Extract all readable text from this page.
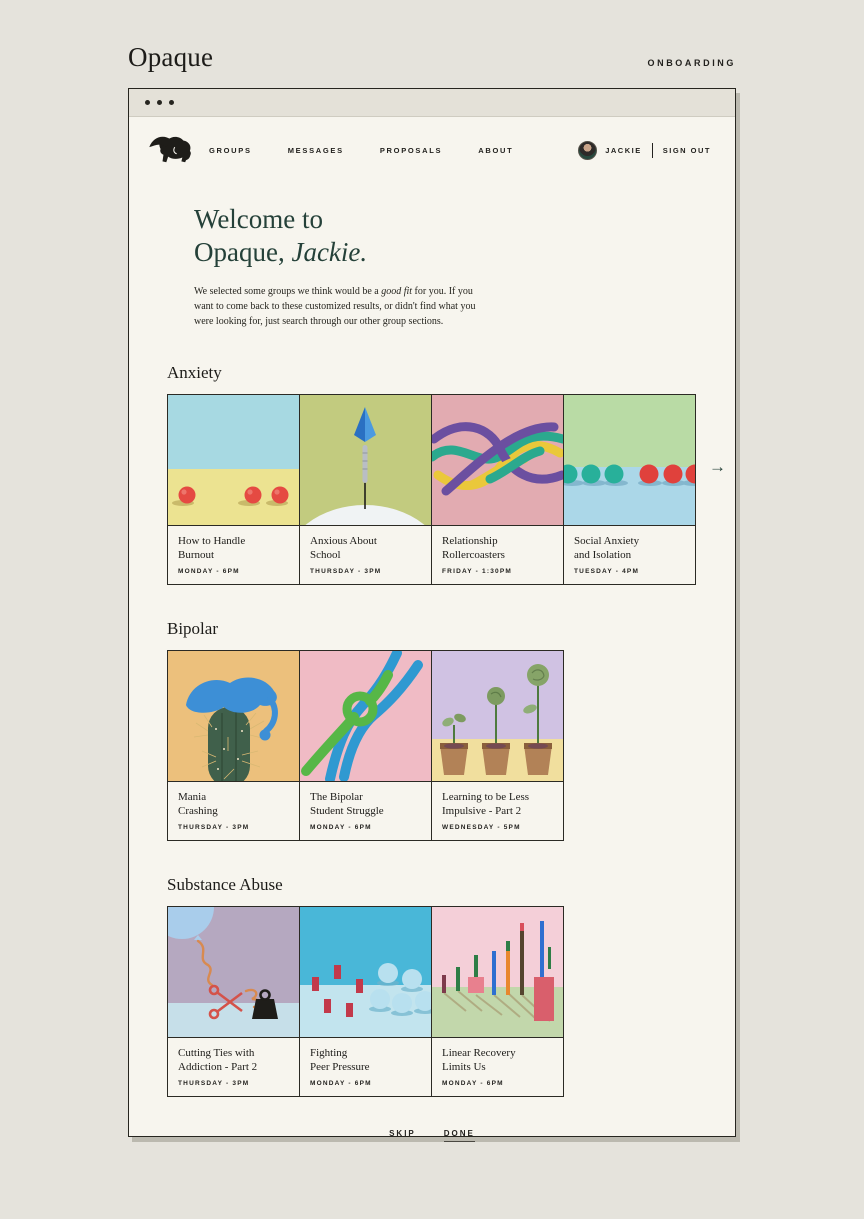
Opaque	ONBOARDING
GROUPS	MESSAGES	PROPOSALS	ABOUT	JACKIE	SIGN OUT
Welcome to
Opaque, Jackie.

We selected some groups we think would be a good fit for you. If you want to come back to these customized results, or didn't find what you were looking for, just search through our other group sections.

Anxiety
How to Handle
Burnout
MONDAY - 6PM
Anxious About
School
THURSDAY - 3PM
Relationship
Rollercoasters
FRIDAY - 1:30PM
Social Anxiety
and Isolation
TUESDAY - 4PM
→
Bipolar
Mania
Crashing
THURSDAY - 3PM
The Bipolar
Student Struggle
MONDAY - 6PM
Learning to be Less
Impulsive - Part 2
WEDNESDAY - 5PM
Substance Abuse
Cutting Ties with
Addiction - Part 2
THURSDAY - 3PM
Fighting
Peer Pressure
MONDAY - 6PM
Linear Recovery
Limits Us
MONDAY - 6PM
SKIP	DONE
